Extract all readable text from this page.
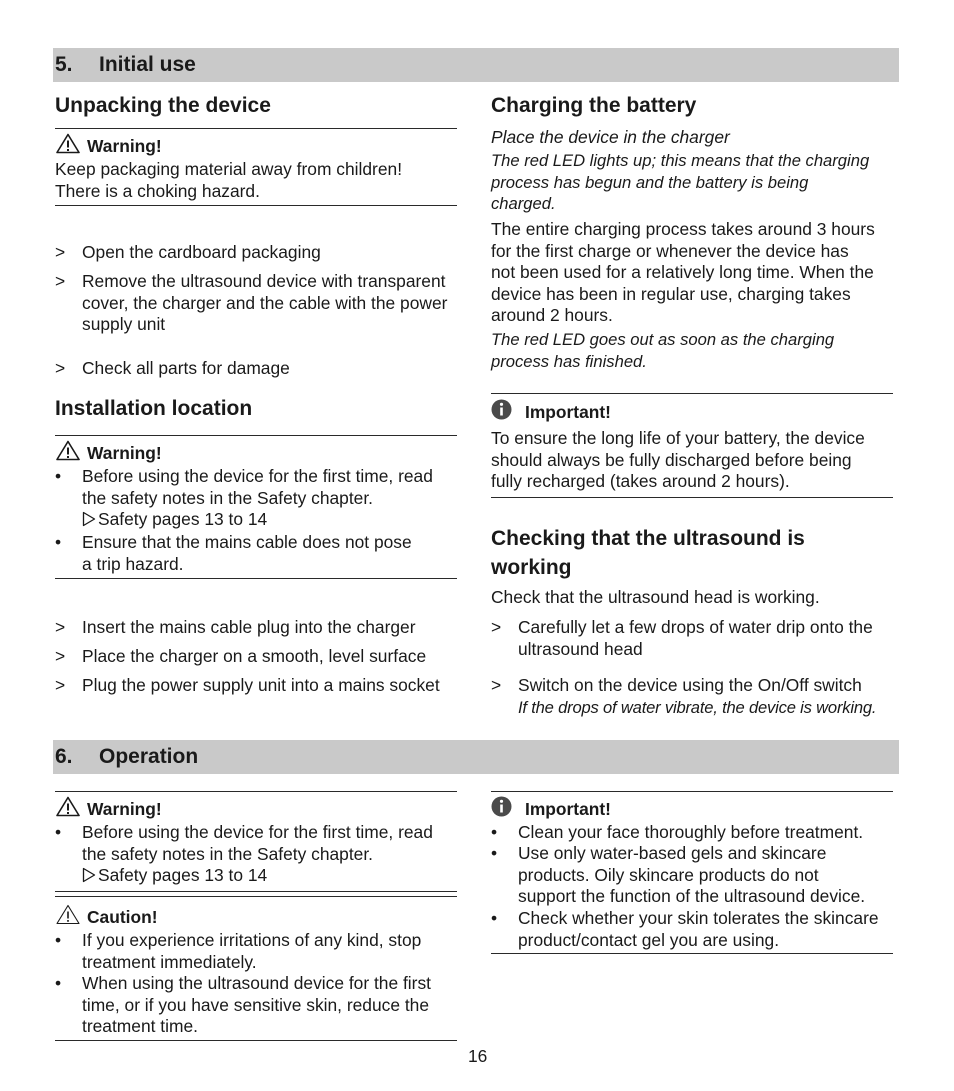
5. Initial use
Unpacking the device
Warning!
Keep packaging material away from children!
There is a choking hazard.
> Open the cardboard packaging
> Remove the ultrasound device with transparent
cover, the charger and the cable with the power
supply unit
> Check all parts for damage
Installation location
Warning!
•	Before using the device for the first time, read
the safety notes in the Safety chapter.
Safety pages 13 to 14
•	Ensure that the mains cable does not pose
a trip hazard.
> Insert the mains cable plug into the charger
> Place the charger on a smooth, level surface
> Plug the power supply unit into a mains socket
Charging the battery
Place the device in the charger
The red LED lights up; this means that the charging
process has begun and the battery is being
charged.
The entire charging process takes around 3 hours
for the first charge or whenever the device has
not been used for a relatively long time. When the
device has been in regular use, charging takes
around 2 hours.
The red LED goes out as soon as the charging
process has finished.
Important!
To ensure the long life of your battery, the device
should always be fully discharged before being
fully recharged (takes around 2 hours).
Checking that the ultrasound is
working
Check that the ultrasound head is working.
> Carefully let a few drops of water drip onto the
ultrasound head
> Switch on the device using the On/Off switch
If the drops of water vibrate, the device is working.
6. Operation
Warning!
•	Before using the device for the first time, read
the safety notes in the Safety chapter.
Safety pages 13 to 14
Caution!
•	If you experience irritations of any kind, stop
treatment immediately.
•	When using the ultrasound device for the first
time, or if you have sensitive skin, reduce the
treatment time.
Important!
•	Clean your face thoroughly before treatment.
•	Use only water-based gels and skincare
products. Oily skincare products do not
support the function of the ultrasound device.
•	Check whether your skin tolerates the skincare
product/contact gel you are using.
16
